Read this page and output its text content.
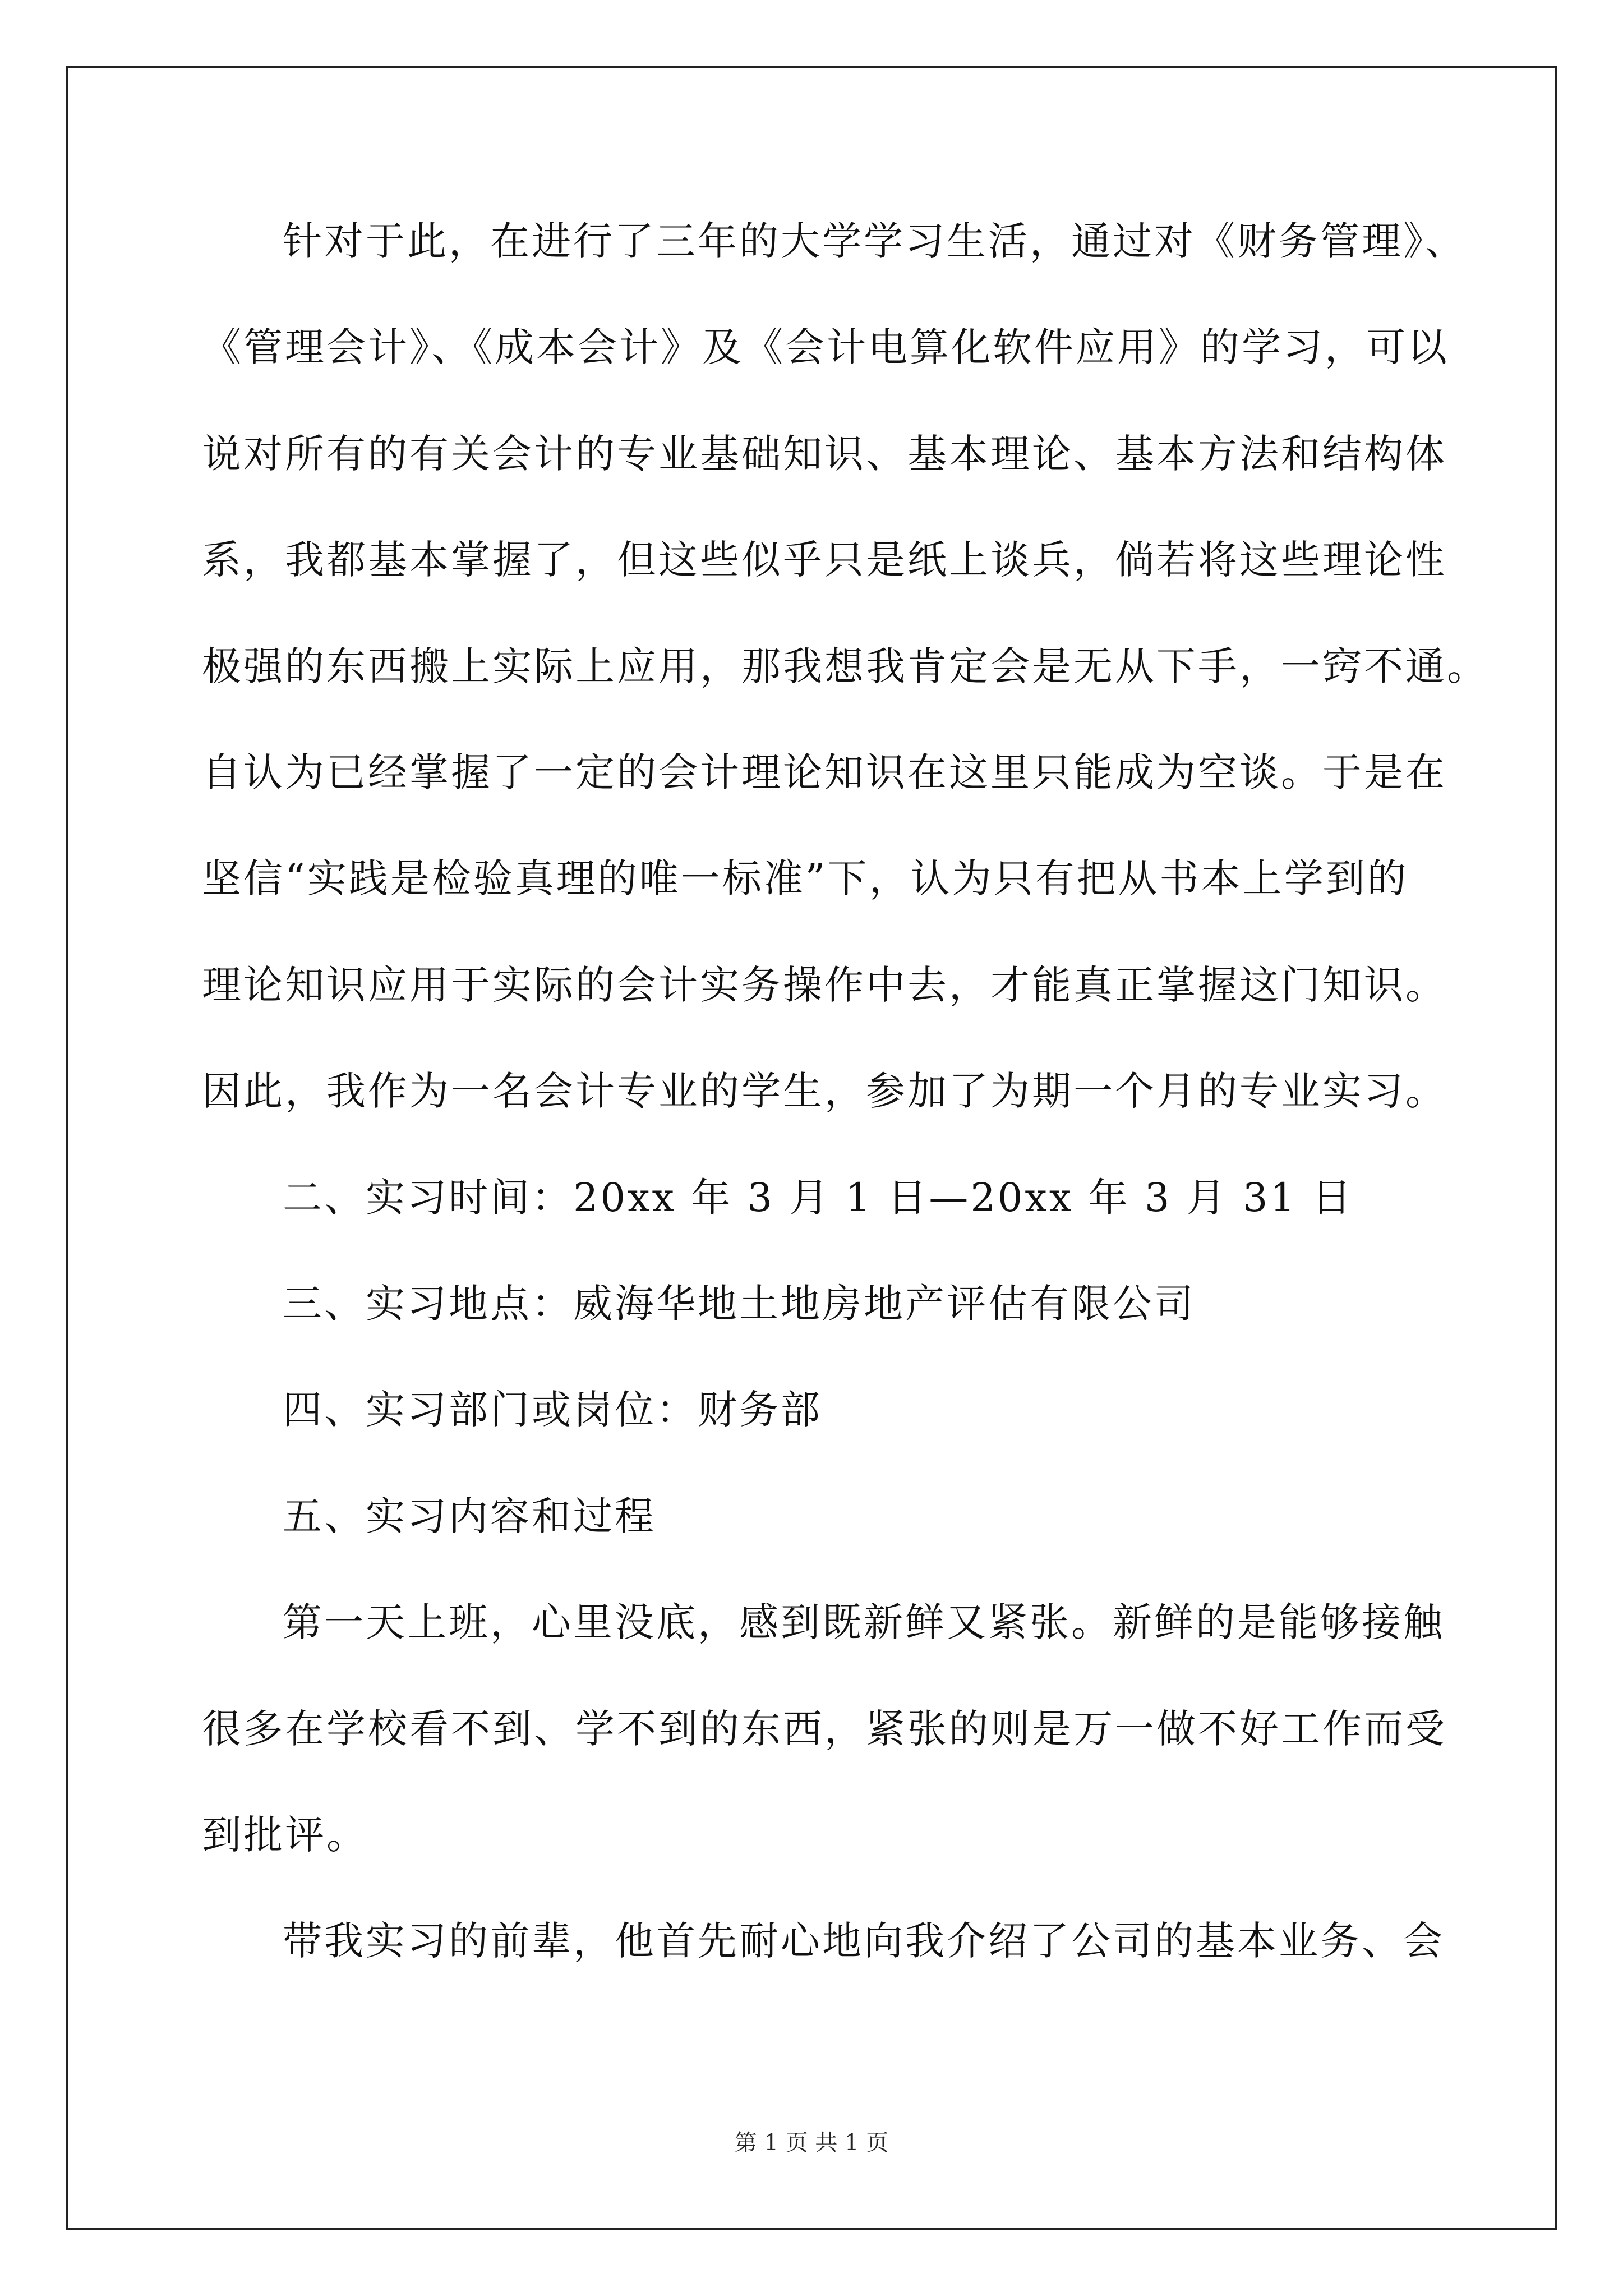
针对于此，在进行了三年的大学学习生活，通过对《财务管理》、
《管理会计》、《成本会计》及《会计电算化软件应用》的学习，可以
说对所有的有关会计的专业基础知识、基本理论、基本方法和结构体
系，我都基本掌握了，但这些似乎只是纸上谈兵，倘若将这些理论性
极强的东西搬上实际上应用，那我想我肯定会是无从下手，一窍不通。
自认为已经掌握了一定的会计理论知识在这里只能成为空谈。于是在
坚信“实践是检验真理的唯一标准”下，认为只有把从书本上学到的
理论知识应用于实际的会计实务操作中去，才能真正掌握这门知识。
因此，我作为一名会计专业的学生，参加了为期一个月的专业实习。
二、实习时间：20xx 年 3 月 1 日—20xx 年 3 月 31 日
三、实习地点：威海华地土地房地产评估有限公司
四、实习部门或岗位：财务部
五、实习内容和过程
第一天上班，心里没底，感到既新鲜又紧张。新鲜的是能够接触
很多在学校看不到、学不到的东西，紧张的则是万一做不好工作而受
到批评。
带我实习的前辈，他首先耐心地向我介绍了公司的基本业务、会
第 1 页 共 1 页
